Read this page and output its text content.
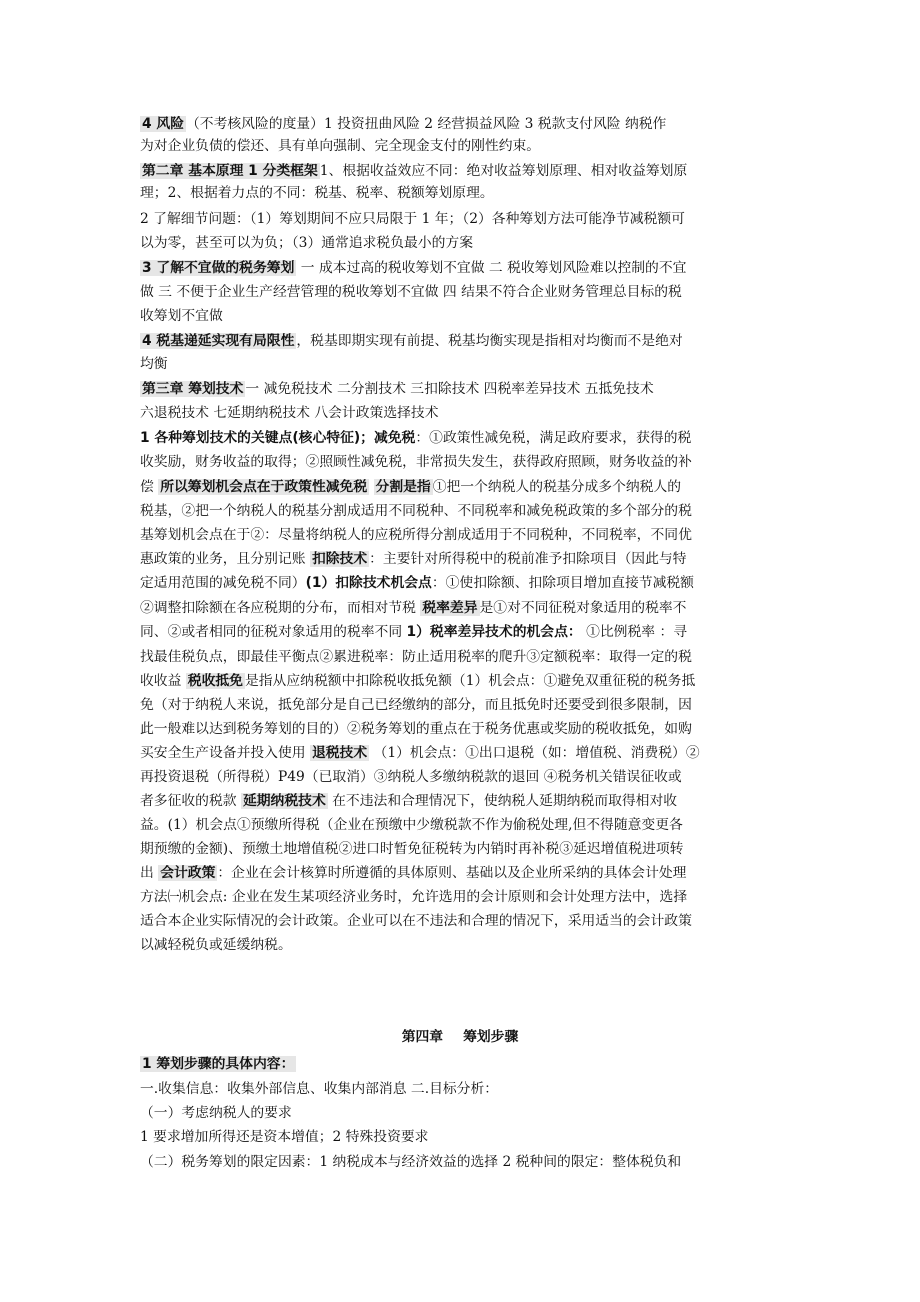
4 风险 （不考核风险的度量）1 投资扭曲风险 2 经营损益风险 3 税款支付风险 纳税作
为对企业负债的偿还、具有单向强制、完全现金支付的刚性约束。
第二章 基本原理 1 分类框架 1、根据收益效应不同：绝对收益筹划原理、相对收益筹划原
理；2、根据着力点的不同：税基、税率、税额筹划原理。
2 了解细节问题：（1）筹划期间不应只局限于 1 年；（2）各种筹划方法可能净节减税额可
以为零，甚至可以为负；（3）通常追求税负最小的方案
3 了解不宜做的税务筹划 一 成本过高的税收筹划不宜做 二 税收筹划风险难以控制的不宜
做 三 不便于企业生产经营管理的税收筹划不宜做 四 结果不符合企业财务管理总目标的税
收筹划不宜做
4 税基递延实现有局限性 ，税基即期实现有前提、税基均衡实现是指相对均衡而不是绝对
均衡
第三章 筹划技术 一 减免税技术 二分割技术 三扣除技术 四税率差异技术 五抵免技术
六退税技术 七延期纳税技术 八会计政策选择技术
1 各种筹划技术的关键点(核心特征)；减免税：①政策性减免税，满足政府要求，获得的税
收奖励，财务收益的取得；②照顾性减免税，非常损失发生，获得政府照顾，财务收益的补
偿 所以筹划机会点在于政策性减免税 分割是指 ①把一个纳税人的税基分成多个纳税人的
税基，②把一个纳税人的税基分割成适用不同税种、不同税率和减免税政策的多个部分的税
基筹划机会点在于②：尽量将纳税人的应税所得分割成适用于不同税种，不同税率，不同优
惠政策的业务，且分别记账 扣除技术 ：主要针对所得税中的税前准予扣除项目（因此与特
定适用范围的减免税不同）(1）扣除技术机会点：①使扣除额、扣除项目增加直接节减税额
②调整扣除额在各应税期的分布，而相对节税 税率差异 是①对不同征税对象适用的税率不
同、②或者相同的征税对象适用的税率不同 1）税率差异技术的机会点： ①比例税率 ：寻
找最佳税负点，即最佳平衡点②累进税率：防止适用税率的爬升③定额税率：取得一定的税
收收益 税收抵免 是指从应纳税额中扣除税收抵免额（1）机会点：①避免双重征税的税务抵
免（对于纳税人来说，抵免部分是自己已经缴纳的部分，而且抵免时还要受到很多限制，因
此一般难以达到税务筹划的目的）②税务筹划的重点在于税务优惠或奖励的税收抵免，如购
买安全生产设备并投入使用 退税技术 （1）机会点：①出口退税（如：增值税、消费税）②
再投资退税（所得税）P49（已取消）③纳税人多缴纳税款的退回 ④税务机关错误征收或
者多征收的税款 延期纳税技术 在不违法和合理情况下，使纳税人延期纳税而取得相对收
益。(1）机会点①预缴所得税（企业在预缴中少缴税款不作为偷税处理,但不得随意变更各
期预缴的金额)、预缴土地增值税②进口时暂免征税转为内销时再补税③延迟增值税进项转
出 会计政策 ：企业在会计核算时所遵循的具体原则、基础以及企业所采纳的具体会计处理
方法㈠机会点: 企业在发生某项经济业务时，允许选用的会计原则和会计处理方法中，选择
适合本企业实际情况的会计政策。企业可以在不违法和合理的情况下，采用适当的会计政策
以减轻税负或延缓纳税。
第四章 筹划步骤
1 筹划步骤的具体内容：
一.收集信息：收集外部信息、收集内部消息 二.目标分析：
（一）考虑纳税人的要求
1 要求增加所得还是资本增值；2 特殊投资要求
（二）税务筹划的限定因素：1 纳税成本与经济效益的选择 2 税种间的限定：整体税负和
